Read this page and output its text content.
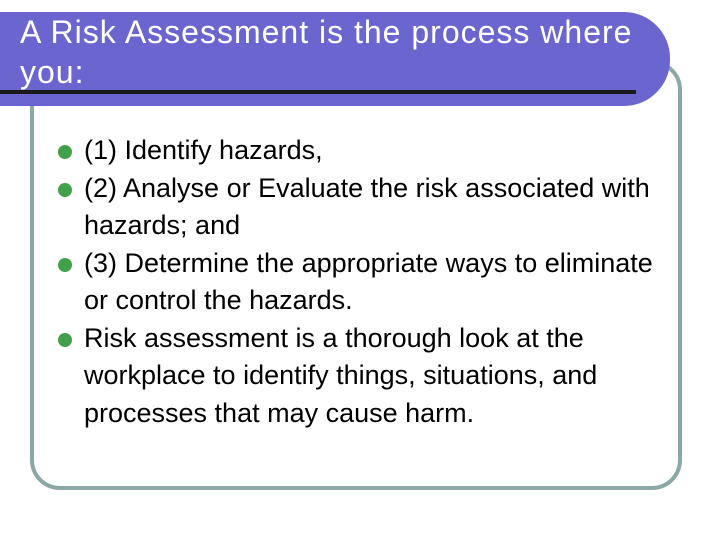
A Risk Assessment is the process where you:
(1) Identify hazards,
(2) Analyse or Evaluate the risk associated with hazards; and
(3) Determine the appropriate ways to eliminate or control the hazards.
Risk assessment is a thorough look at the workplace to identify things, situations, and processes that may cause harm.
